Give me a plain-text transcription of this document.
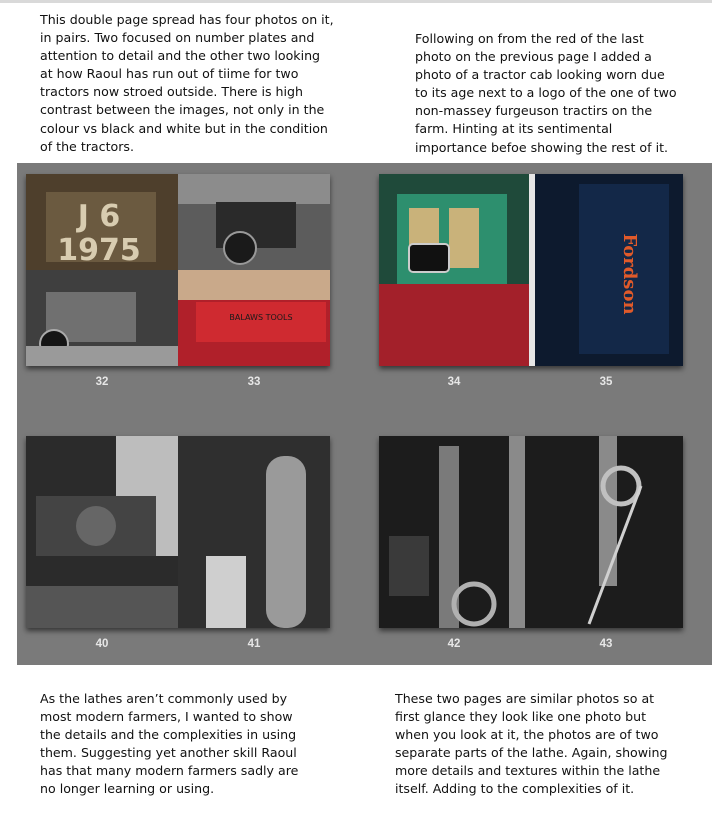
This double page spread has four photos on it,
in pairs. Two focused on number plates and
attention to detail and the other two looking
at how Raoul has run out of tiime for two
tractors now stroed outside. There is high
contrast between the images, not only in the
colour vs black and white but in the condition
of the tractors.

Following on from the red of the last
photo on the previous page I added a
photo of a tractor cab looking worn due
to its age next to a logo of the one of two
non-massey furgeuson tractirs on the
farm. Hinting at its sentimental
importance befoe showing the rest of it.

J 6
1975
BALAWS TOOLS
32	33
Fordson
34	35
40	41	42	43

As the lathes aren’t commonly used by
most modern farmers, I wanted to show
the details and the complexities in using
them. Suggesting yet another skill Raoul
has that many modern farmers sadly are
no longer learning or using.

These two pages are similar photos so at
first glance they look like one photo but
when you look at it, the photos are of two
separate parts of the lathe. Again, showing
more details and textures within the lathe
itself. Adding to the complexities of it.
